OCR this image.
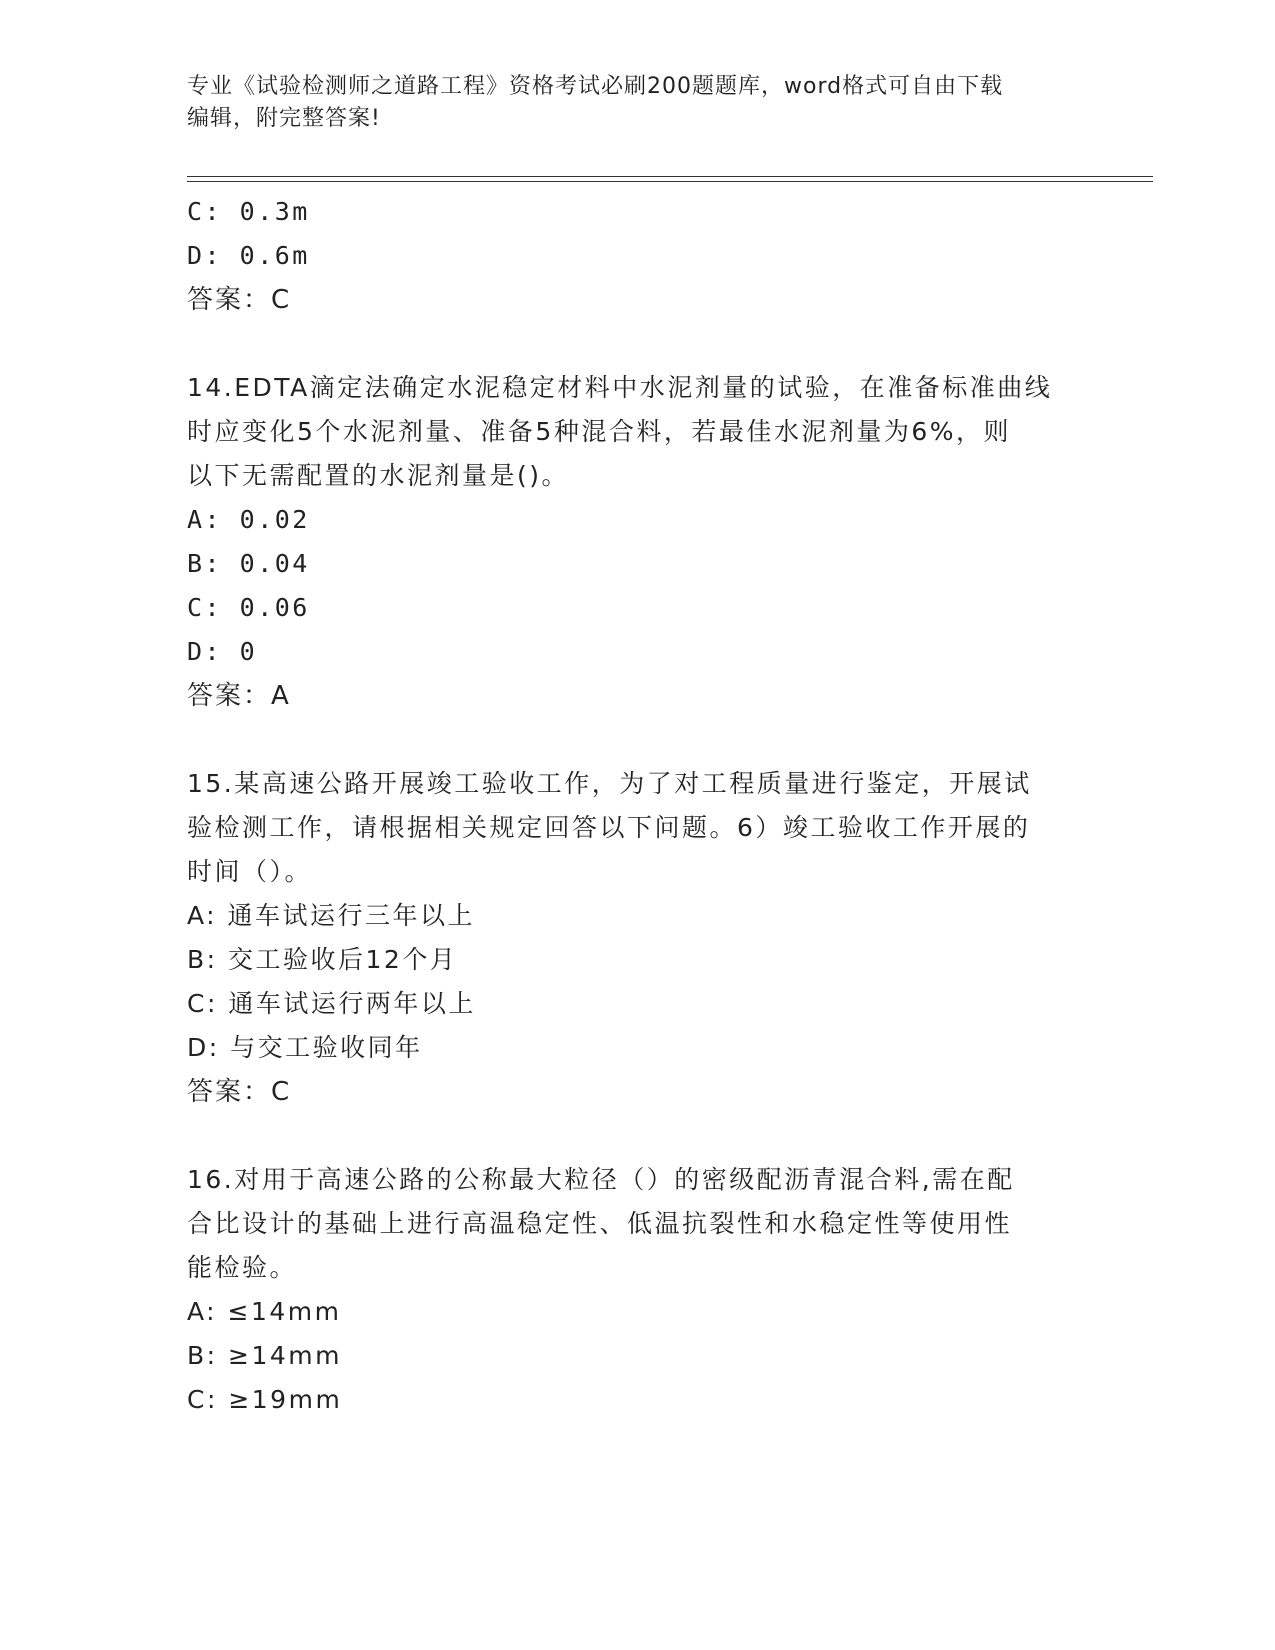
专业《试验检测师之道路工程》资格考试必刷200题题库，word格式可自由下载
编辑，附完整答案!
C: 0.3m
D: 0.6m
答案：C
14.EDTA滴定法确定水泥稳定材料中水泥剂量的试验，在准备标准曲线
时应变化5个水泥剂量、准备5种混合料，若最佳水泥剂量为6%，则
以下无需配置的水泥剂量是()。
A: 0.02
B: 0.04
C: 0.06
D: 0
答案：A
15.某高速公路开展竣工验收工作，为了对工程质量进行鉴定，开展试
验检测工作，请根据相关规定回答以下问题。6）竣工验收工作开展的
时间（）。
A: 通车试运行三年以上
B: 交工验收后12个月
C: 通车试运行两年以上
D: 与交工验收同年
答案：C
16.对用于高速公路的公称最大粒径（）的密级配沥青混合料,需在配
合比设计的基础上进行高温稳定性、低温抗裂性和水稳定性等使用性
能检验。
A: ≤14mm
B: ≥14mm
C: ≥19mm
